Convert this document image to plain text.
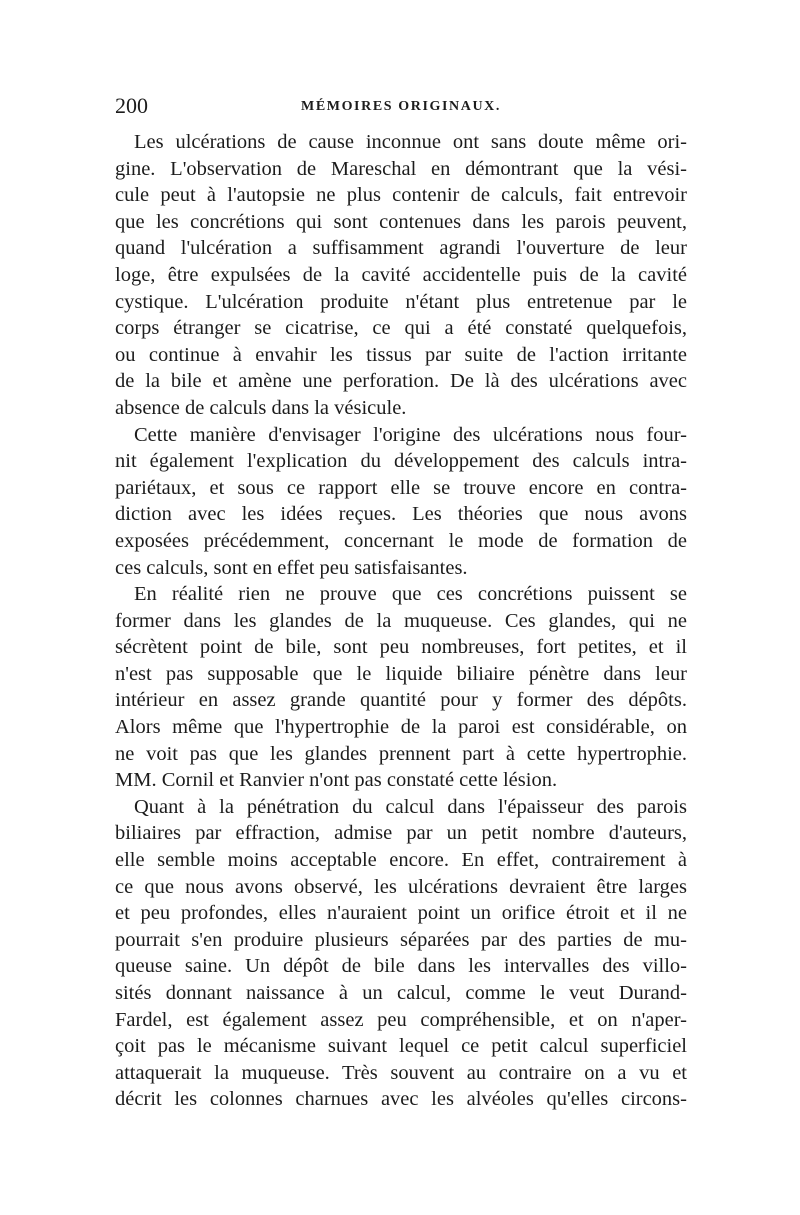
200	MÉMOIRES ORIGINAUX.
Les ulcérations de cause inconnue ont sans doute même ori-
gine. L'observation de Mareschal en démontrant que la vési-
cule peut à l'autopsie ne plus contenir de calculs, fait entrevoir
que les concrétions qui sont contenues dans les parois peuvent,
quand l'ulcération a suffisamment agrandi l'ouverture de leur
loge, être expulsées de la cavité accidentelle puis de la cavité
cystique. L'ulcération produite n'étant plus entretenue par le
corps étranger se cicatrise, ce qui a été constaté quelquefois,
ou continue à envahir les tissus par suite de l'action irritante
de la bile et amène une perforation. De là des ulcérations avec
absence de calculs dans la vésicule.
Cette manière d'envisager l'origine des ulcérations nous four-
nit également l'explication du développement des calculs intra-
pariétaux, et sous ce rapport elle se trouve encore en contra-
diction avec les idées reçues. Les théories que nous avons
exposées précédemment, concernant le mode de formation de
ces calculs, sont en effet peu satisfaisantes.
En réalité rien ne prouve que ces concrétions puissent se
former dans les glandes de la muqueuse. Ces glandes, qui ne
sécrètent point de bile, sont peu nombreuses, fort petites, et il
n'est pas supposable que le liquide biliaire pénètre dans leur
intérieur en assez grande quantité pour y former des dépôts.
Alors même que l'hypertrophie de la paroi est considérable, on
ne voit pas que les glandes prennent part à cette hypertrophie.
MM. Cornil et Ranvier n'ont pas constaté cette lésion.
Quant à la pénétration du calcul dans l'épaisseur des parois
biliaires par effraction, admise par un petit nombre d'auteurs,
elle semble moins acceptable encore. En effet, contrairement à
ce que nous avons observé, les ulcérations devraient être larges
et peu profondes, elles n'auraient point un orifice étroit et il ne
pourrait s'en produire plusieurs séparées par des parties de mu-
queuse saine. Un dépôt de bile dans les intervalles des villo-
sités donnant naissance à un calcul, comme le veut Durand-
Fardel, est également assez peu compréhensible, et on n'aper-
çoit pas le mécanisme suivant lequel ce petit calcul superficiel
attaquerait la muqueuse. Très souvent au contraire on a vu et
décrit les colonnes charnues avec les alvéoles qu'elles circons-
